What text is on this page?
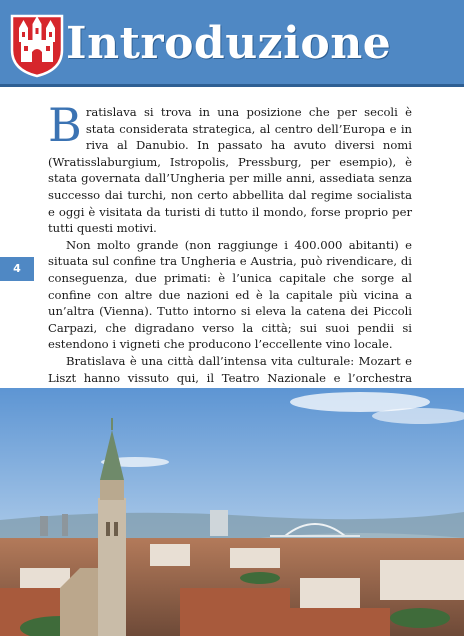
Introduzione
4

Bratislava si trova in una posizione che per secoli è stata considerata strategica, al centro dell’Europa e in riva al Danubio. In passato ha avuto diversi nomi (Wratisslaburgium, Istropolis, Pressburg, per esempio), è stata governata dall’Ungheria per mille anni, assediata senza successo dai turchi, non certo abbellita dal regime socialista e oggi è visitata da turisti di tutto il mondo, forse proprio per tutti questi motivi.

Non molto grande (non raggiunge i 400.000 abitanti) e situata sul confine tra Ungheria e Austria, può rivendicare, di conseguenza, due primati: è l’unica capitale che sorge al confine con altre due nazioni ed è la capitale più vicina a un’altra (Vienna). Tutto intorno si eleva la catena dei Piccoli Carpazi, che digradano verso la città; sui suoi pendii si estendono i vigneti che producono l’eccellente vino locale.

Bratislava è una città dall’intensa vita culturale: Mozart e Liszt hanno vissuto qui, il Teatro Nazionale e l’orchestra
